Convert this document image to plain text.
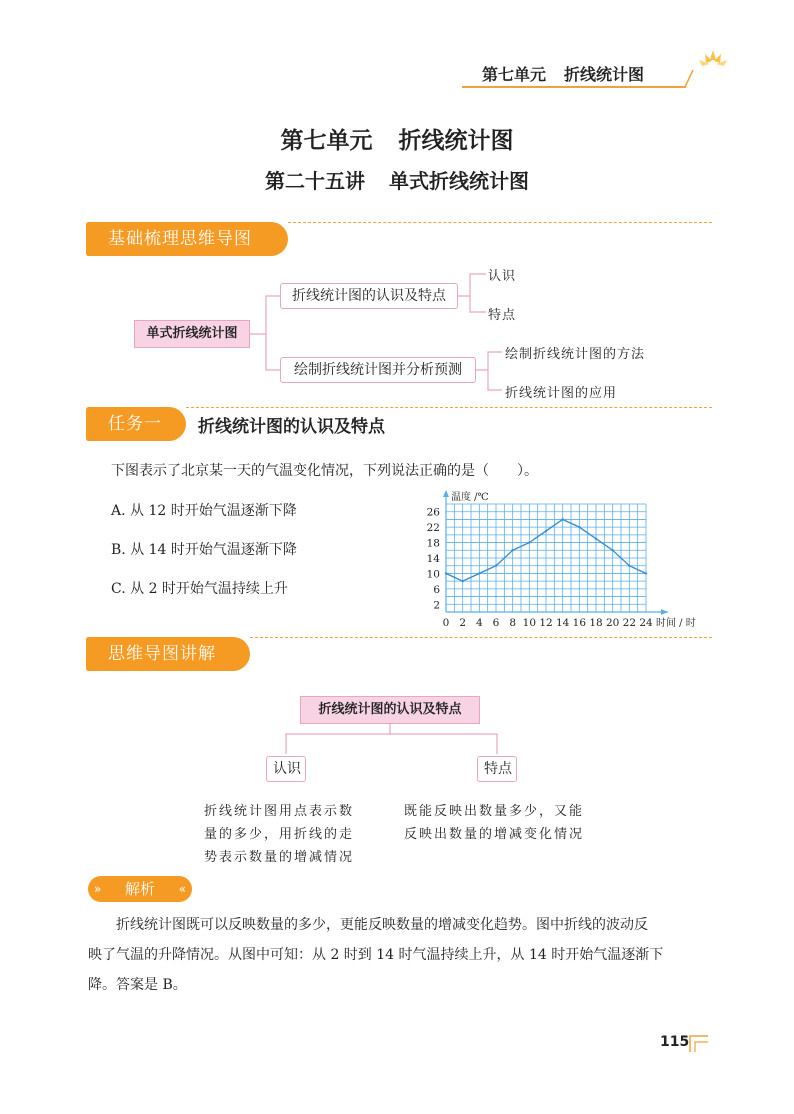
第七单元 折线统计图
第七单元 折线统计图
第二十五讲 单式折线统计图
基础梳理思维导图
单式折线统计图
折线统计图的认识及特点
绘制折线统计图并分析预测
认识
特点
绘制折线统计图的方法
折线统计图的应用
任务一	折线统计图的认识及特点
下图表示了北京某一天的气温变化情况，下列说法正确的是（　　）。
A. 从 12 时开始气温逐渐下降
B. 从 14 时开始气温逐渐下降
C. 从 2 时开始气温持续上升
2
6
10
14
18
22
26
0 2 4 6 8 10 12 14 16 18 20 22 24
温度 /℃
时间 / 时
思维导图讲解
折线统计图的认识及特点
认识	特点
折线统计图用点表示数
量的多少，用折线的走
势表示数量的增减情况
既能反映出数量多少，又能
反映出数量的增减变化情况
» 解析 «
　　折线统计图既可以反映数量的多少，更能反映数量的增减变化趋势。图中折线的波动反
映了气温的升降情况。从图中可知：从 2 时到 14 时气温持续上升，从 14 时开始气温逐渐下
降。答案是 B。
115
